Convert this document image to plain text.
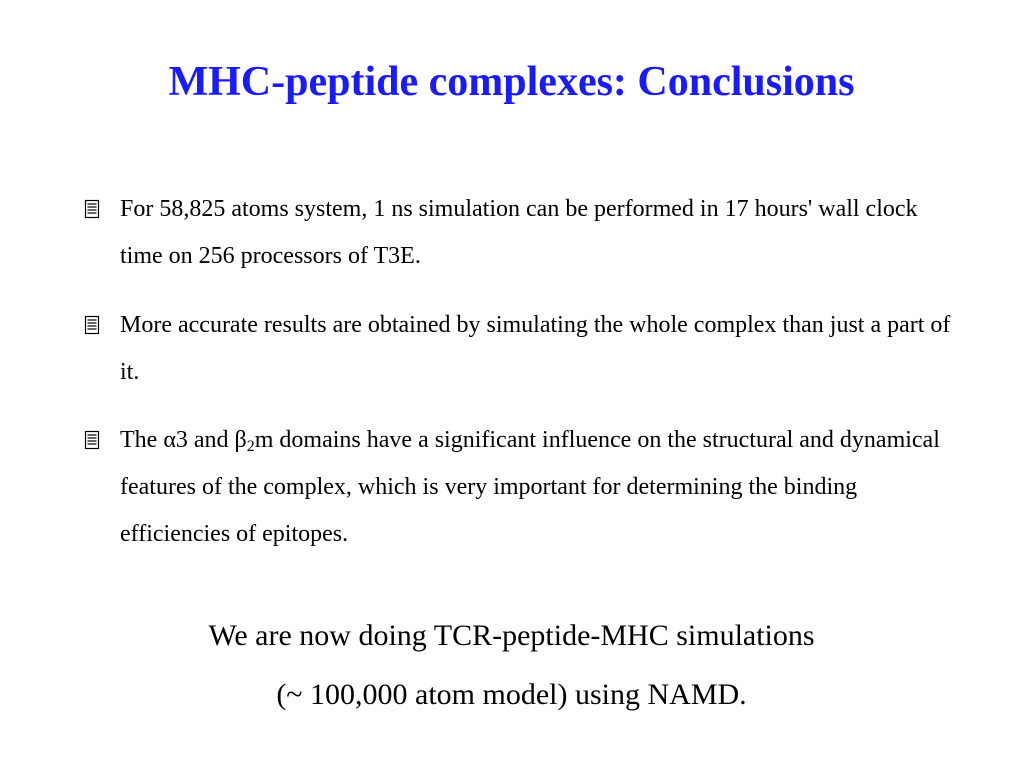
MHC-peptide complexes: Conclusions
For 58,825 atoms system, 1 ns simulation can be performed in 17 hours' wall clock time on 256 processors of T3E.
More accurate results are obtained by simulating the whole complex than just a part of it.
The α3 and $\beta_2m$ domains have a significant influence on the structural and dynamical features of the complex, which is very important for determining the binding efficiencies of epitopes.
We are now doing TCR-peptide-MHC simulations
(~ 100,000 atom model) using NAMD.
